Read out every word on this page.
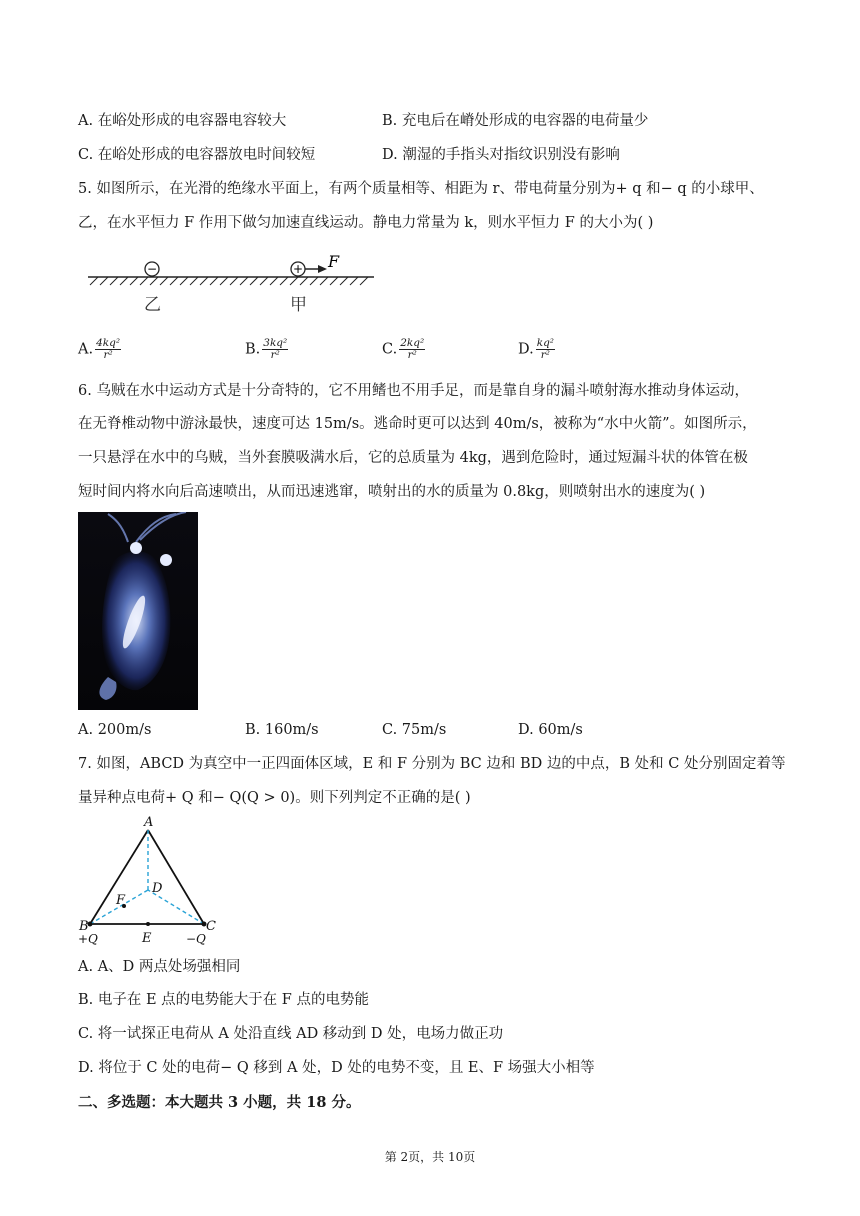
A. 在峪处形成的电容器电容较大	B. 充电后在嵴处形成的电容器的电荷量少
C. 在峪处形成的电容器放电时间较短	D. 潮湿的手指头对指纹识别没有影响
5. 如图所示，在光滑的绝缘水平面上，有两个质量相等、相距为 r、带电荷量分别为+ q 和− q 的小球甲、
乙，在水平恒力 F 作用下做匀加速直线运动。静电力常量为 k，则水平恒力 F 的大小为( )
−	+ F
乙	甲
A. $\frac{\text{4kq²}}{\text{r²}}$	B. $\frac{\text{3kq²}}{\text{r²}}$	C. $\frac{\text{2kq²}}{\text{r²}}$	D. $\frac{\text{kq²}}{\text{r²}}$
6. 乌贼在水中运动方式是十分奇特的，它不用鳍也不用手足，而是靠自身的漏斗喷射海水推动身体运动，
在无脊椎动物中游泳最快，速度可达 15m/s。逃命时更可以达到 40m/s，被称为“水中火箭”。如图所示，
一只悬浮在水中的乌贼，当外套膜吸满水后，它的总质量为 4kg，遇到危险时，通过短漏斗状的体管在极
短时间内将水向后高速喷出，从而迅速逃窜，喷射出的水的质量为 0.8kg，则喷射出水的速度为( )
A. 200m/s	B. 160m/s	C. 75m/s	D. 60m/s
7. 如图，ABCD 为真空中一正四面体区域，E 和 F 分别为 BC 边和 BD 边的中点，B 处和 C 处分别固定着等
量异种点电荷+ Q 和− Q(Q > 0)。则下列判定不正确的是( )
A
D
F
B	C
E
+Q	−Q
A. A、D 两点处场强相同
B. 电子在 E 点的电势能大于在 F 点的电势能
C. 将一试探正电荷从 A 处沿直线 AD 移动到 D 处，电场力做正功
D. 将位于 C 处的电荷− Q 移到 A 处，D 处的电势不变，且 E、F 场强大小相等
二、多选题：本大题共 3 小题，共 18 分。
第 2页，共 10页
